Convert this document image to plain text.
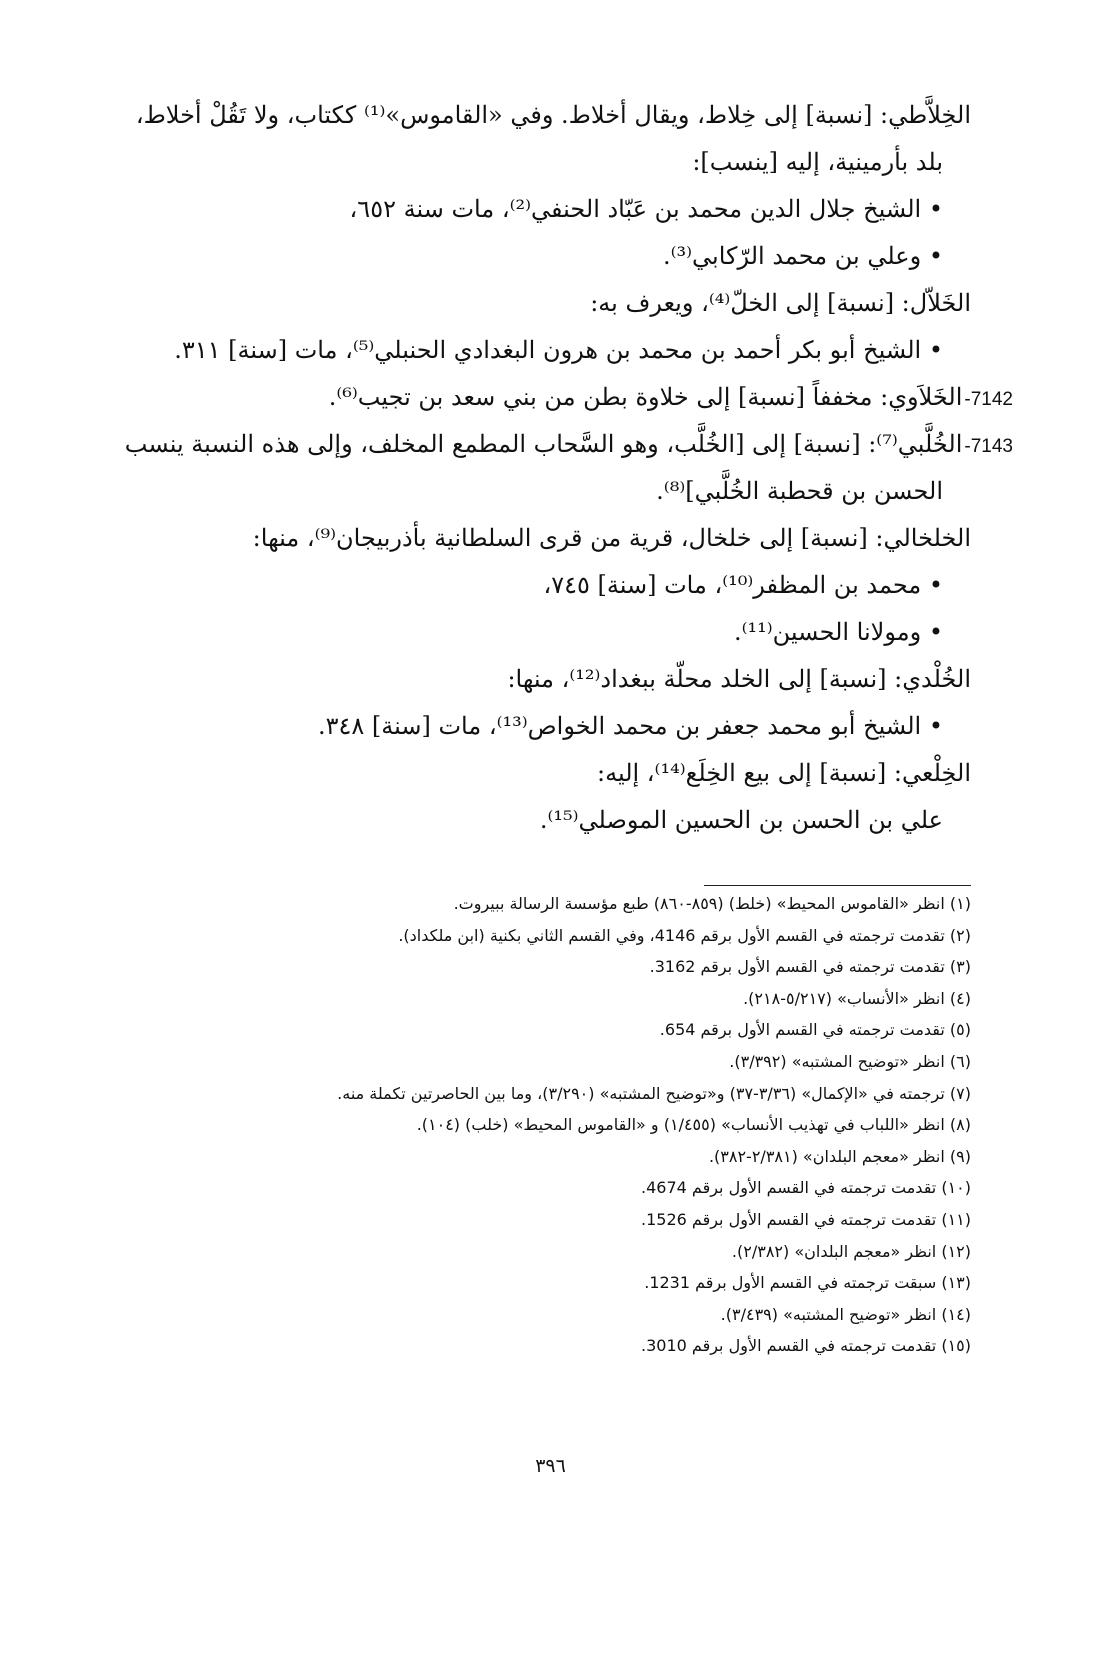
الخِلاَّطي: [نسبة] إلى خِلاط، ويقال أخلاط. وفي «القاموس»⁽¹⁾ ككتاب، ولا تَقُلْ أخلاط،
بلد بأرمينية، إليه [ينسب]:
• الشيخ جلال الدين محمد بن عَبّاد الحنفي⁽²⁾، مات سنة ٦٥٢،
• وعلي بن محمد الرّكابي⁽³⁾.
الخَلاّل: [نسبة] إلى الخلّ⁽⁴⁾، ويعرف به:
• الشيخ أبو بكر أحمد بن محمد بن هرون البغدادي الحنبلي⁽⁵⁾، مات [سنة] ٣١١.
7142-الخَلاَوي: مخففاً [نسبة] إلى خلاوة بطن من بني سعد بن تجيب⁽⁶⁾.
7143-الخُلَّبي⁽⁷⁾: [نسبة] إلى [الخُلَّب، وهو السَّحاب المطمع المخلف، وإلى هذه النسبة ينسب
الحسن بن قحطبة الخُلَّبي]⁽⁸⁾.
الخلخالي: [نسبة] إلى خلخال، قرية من قرى السلطانية بأذربيجان⁽⁹⁾، منها:
• محمد بن المظفر⁽¹⁰⁾، مات [سنة] ٧٤٥،
• ومولانا الحسين⁽¹¹⁾.
الخُلْدي: [نسبة] إلى الخلد محلّة ببغداد⁽¹²⁾، منها:
• الشيخ أبو محمد جعفر بن محمد الخواص⁽¹³⁾، مات [سنة] ٣٤٨.
الخِلْعي: [نسبة] إلى بيع الخِلَع⁽¹⁴⁾، إليه:
علي بن الحسن بن الحسين الموصلي⁽¹⁵⁾.
(١) انظر «القاموس المحيط» (خلط) (٨٥٩-٨٦٠) طبع مؤسسة الرسالة ببيروت.
(٢) تقدمت ترجمته في القسم الأول برقم 4146، وفي القسم الثاني بكنية (ابن ملكداد).
(٣) تقدمت ترجمته في القسم الأول برقم 3162.
(٤) انظر «الأنساب» (٥/٢١٧-٢١٨).
(٥) تقدمت ترجمته في القسم الأول برقم 654.
(٦) انظر «توضيح المشتبه» (٣/٣٩٢).
(٧) ترجمته في «الإكمال» (٣/٣٦-٣٧) و«توضيح المشتبه» (٣/٢٩٠)، وما بين الحاصرتين تكملة منه.
(٨) انظر «اللباب في تهذيب الأنساب» (١/٤٥٥) و «القاموس المحيط» (خلب) (١٠٤).
(٩) انظر «معجم البلدان» (٢/٣٨١-٣٨٢).
(١٠) تقدمت ترجمته في القسم الأول برقم 4674.
(١١) تقدمت ترجمته في القسم الأول برقم 1526.
(١٢) انظر «معجم البلدان» (٢/٣٨٢).
(١٣) سبقت ترجمته في القسم الأول برقم 1231.
(١٤) انظر «توضيح المشتبه» (٣/٤٣٩).
(١٥) تقدمت ترجمته في القسم الأول برقم 3010.
٣٩٦
